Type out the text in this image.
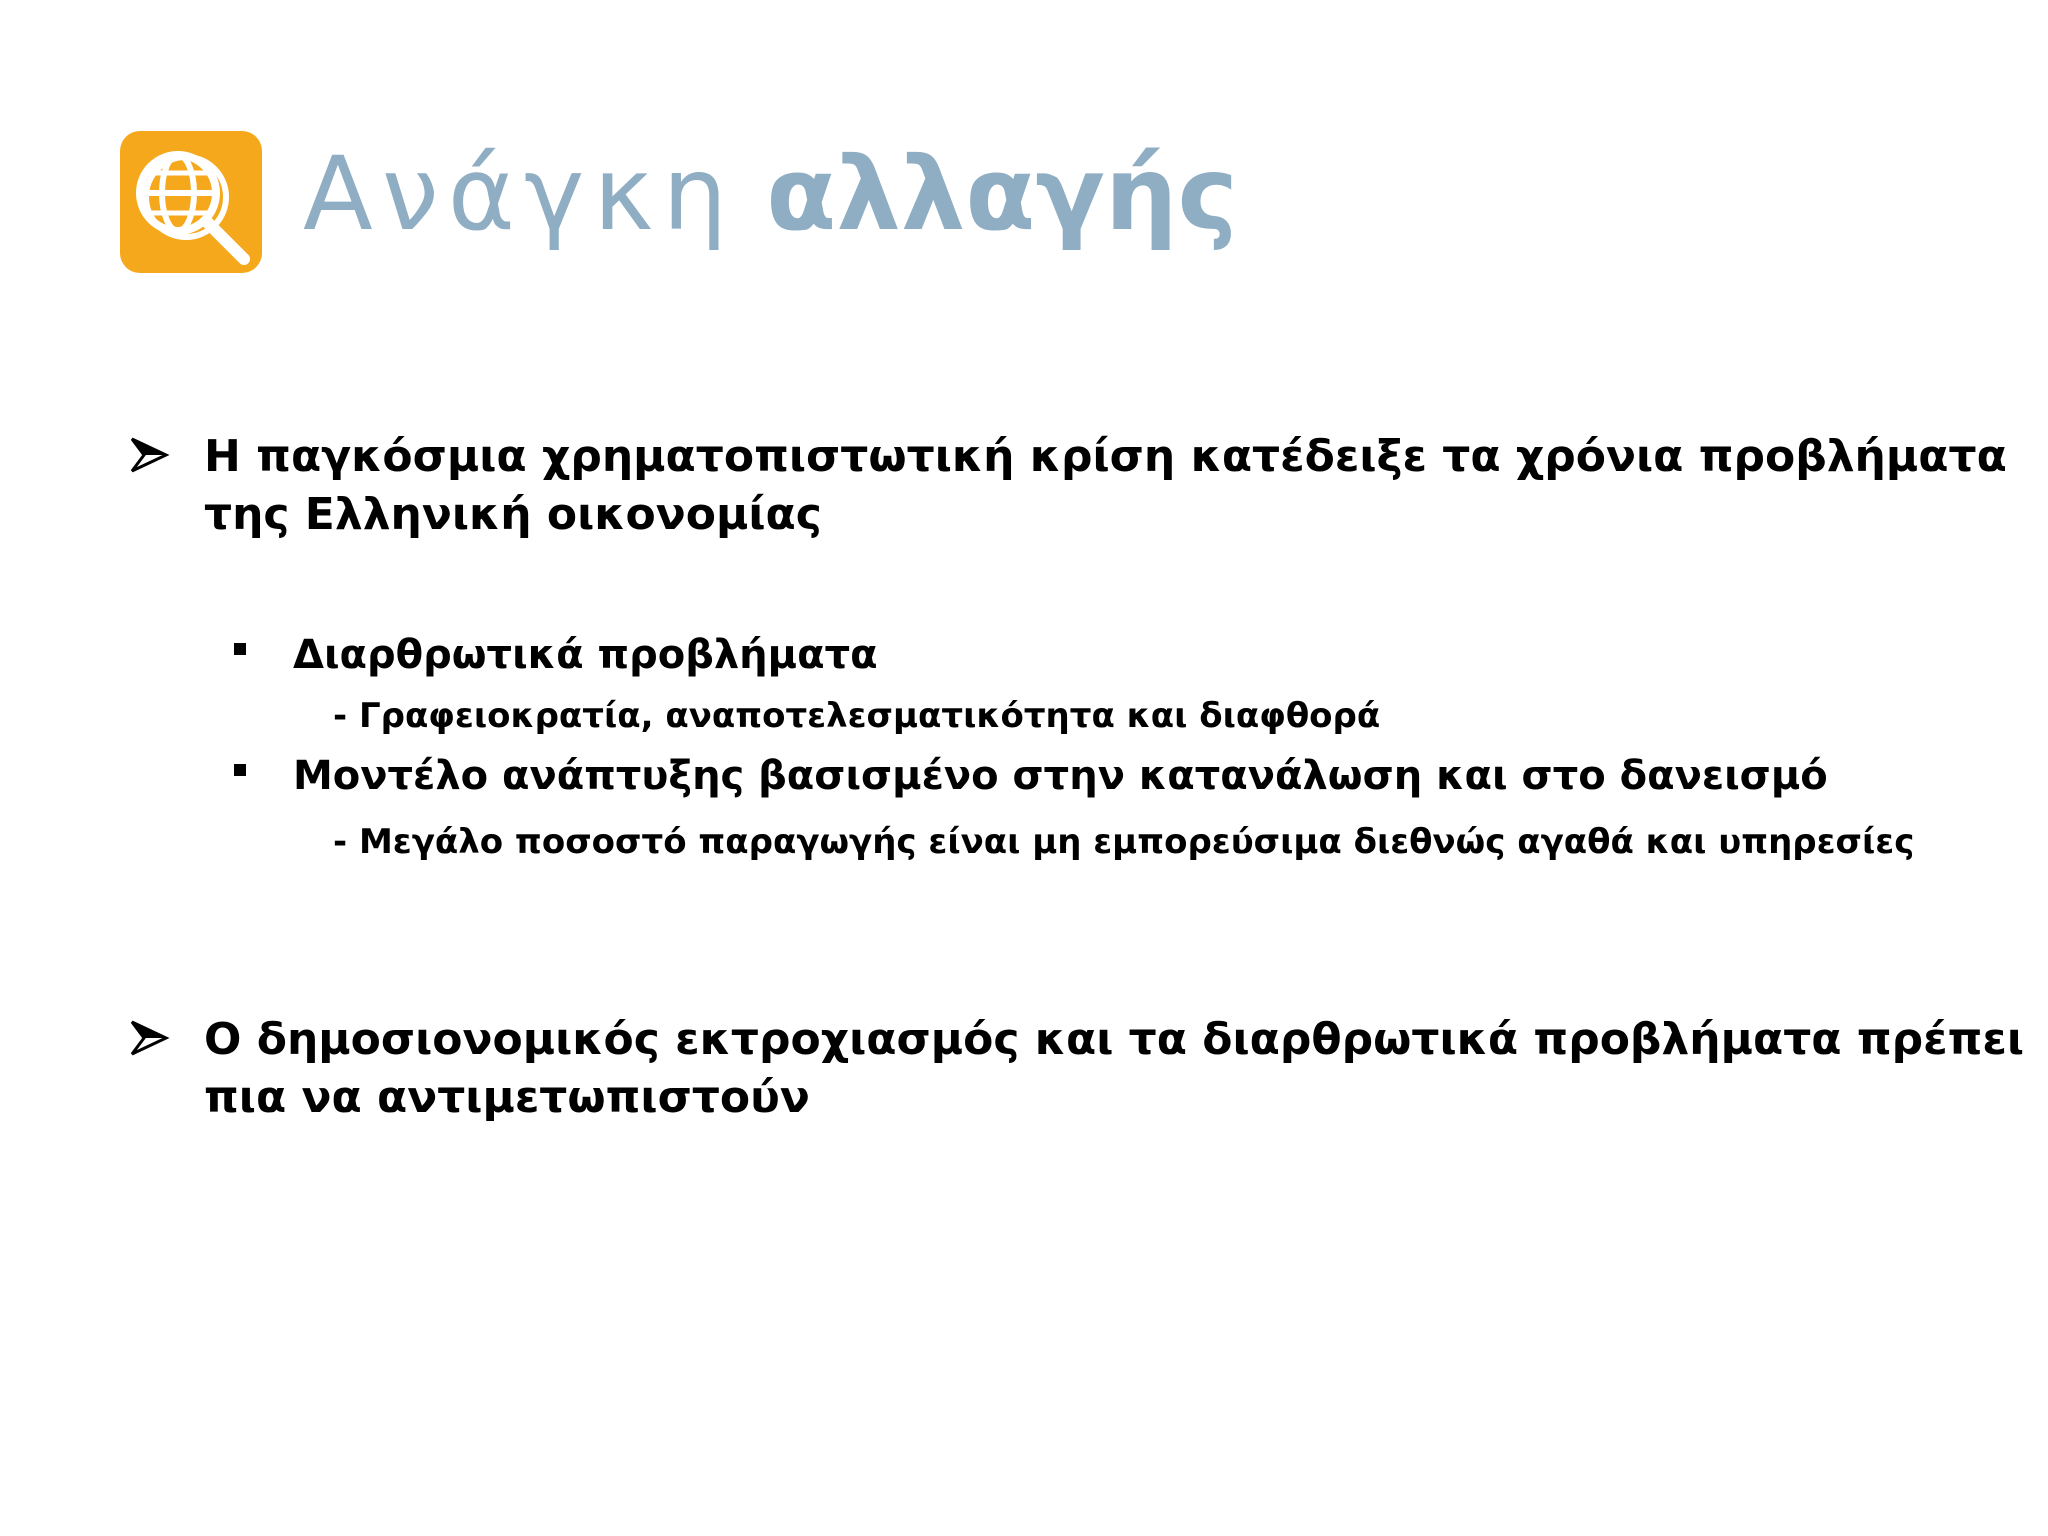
Ανάγκη αλλαγής
Η παγκόσμια χρηματοπιστωτική κρίση κατέδειξε τα χρόνια προβλήματα
της Ελληνική οικονομίας
Διαρθρωτικά προβλήματα
- Γραφειοκρατία, αναποτελεσματικότητα και διαφθορά
Μοντέλο ανάπτυξης βασισμένο στην κατανάλωση και στο δανεισμό
- Μεγάλο ποσοστό παραγωγής είναι μη εμπορεύσιμα διεθνώς αγαθά και υπηρεσίες
Ο δημοσιονομικός εκτροχιασμός και τα διαρθρωτικά προβλήματα πρέπει
πια να αντιμετωπιστούν
